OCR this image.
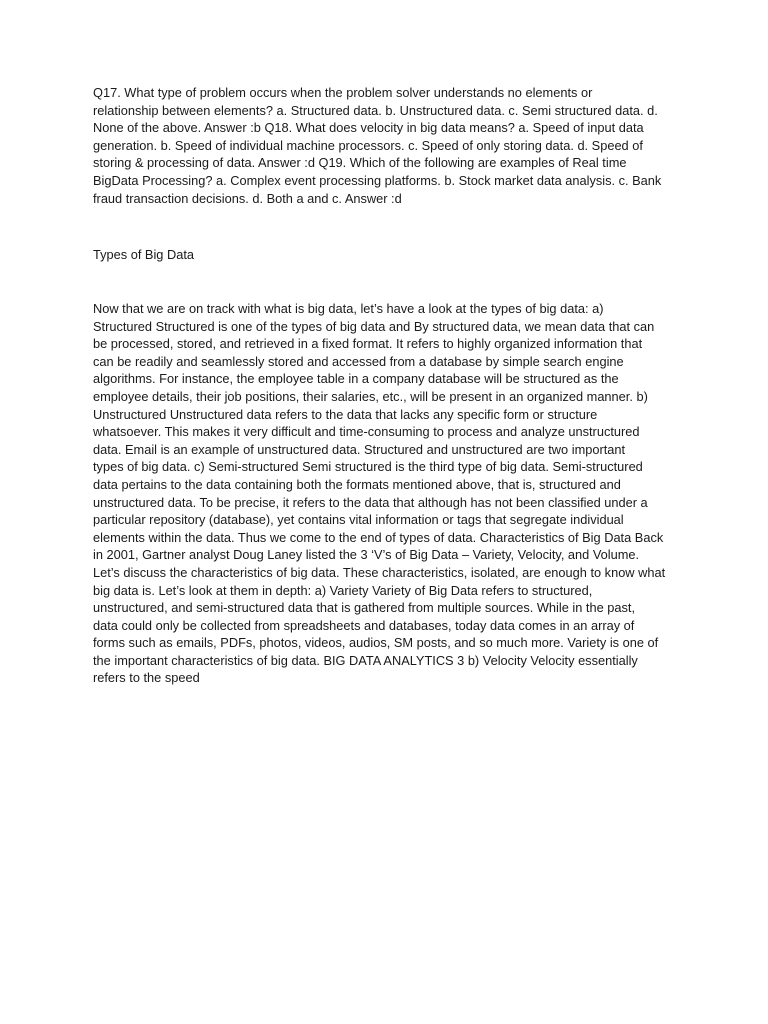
Q17. What type of problem occurs when the problem solver understands no elements or
relationship between elements? a. Structured data. b. Unstructured data. c. Semi structured data. d.
None of the above. Answer :b Q18. What does velocity in big data means? a. Speed of input data
generation. b. Speed of individual machine processors. c. Speed of only storing data. d. Speed of
storing & processing of data. Answer :d Q19. Which of the following are examples of Real time
BigData Processing? a. Complex event processing platforms. b. Stock market data analysis. c. Bank
fraud transaction decisions. d. Both a and c. Answer :d

Types of Big Data

Now that we are on track with what is big data, let’s have a look at the types of big data: a)
Structured Structured is one of the types of big data and By structured data, we mean data that can
be processed, stored, and retrieved in a fixed format. It refers to highly organized information that
can be readily and seamlessly stored and accessed from a database by simple search engine
algorithms. For instance, the employee table in a company database will be structured as the
employee details, their job positions, their salaries, etc., will be present in an organized manner. b)
Unstructured Unstructured data refers to the data that lacks any specific form or structure
whatsoever. This makes it very difficult and time-consuming to process and analyze unstructured
data. Email is an example of unstructured data. Structured and unstructured are two important
types of big data. c) Semi-structured Semi structured is the third type of big data. Semi-structured
data pertains to the data containing both the formats mentioned above, that is, structured and
unstructured data. To be precise, it refers to the data that although has not been classified under a
particular repository (database), yet contains vital information or tags that segregate individual
elements within the data. Thus we come to the end of types of data. Characteristics of Big Data Back
in 2001, Gartner analyst Doug Laney listed the 3 ‘V’s of Big Data – Variety, Velocity, and Volume.
Let’s discuss the characteristics of big data. These characteristics, isolated, are enough to know what
big data is. Let’s look at them in depth: a) Variety Variety of Big Data refers to structured,
unstructured, and semi-structured data that is gathered from multiple sources. While in the past,
data could only be collected from spreadsheets and databases, today data comes in an array of
forms such as emails, PDFs, photos, videos, audios, SM posts, and so much more. Variety is one of
the important characteristics of big data. BIG DATA ANALYTICS 3 b) Velocity Velocity essentially
refers to the speed
